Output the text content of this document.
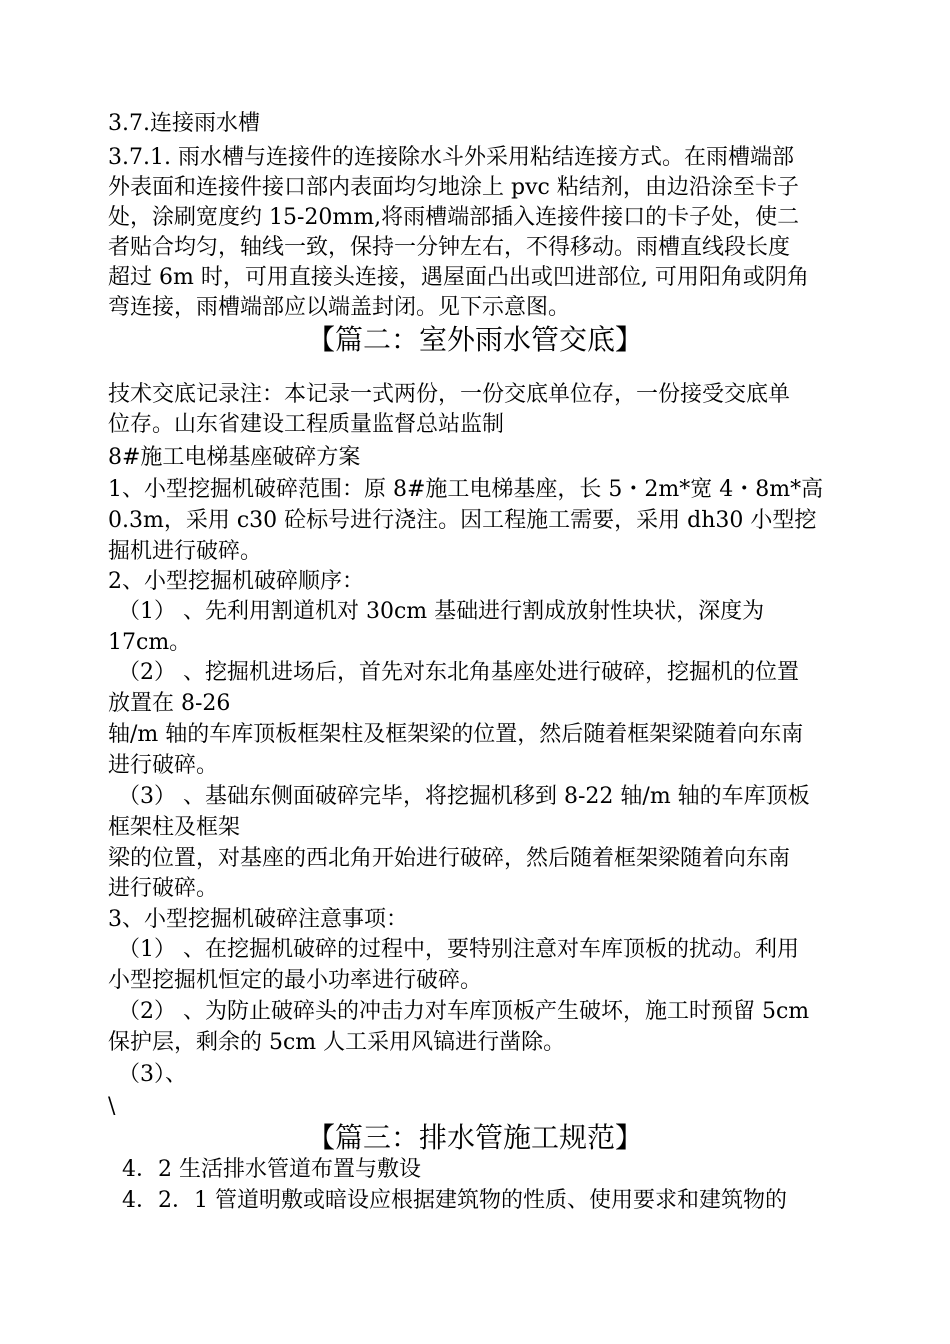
3.7.连接雨水槽
3.7.1. 雨水槽与连接件的连接除水斗外采用粘结连接方式。在雨槽端部
外表面和连接件接口部内表面均匀地涂上 pvc 粘结剂，由边沿涂至卡子
处，涂刷宽度约 15-20mm,将雨槽端部插入连接件接口的卡子处，使二
者贴合均匀，轴线一致，保持一分钟左右，不得移动。雨槽直线段长度
超过 6m 时，可用直接头连接，遇屋面凸出或凹进部位, 可用阳角或阴角
弯连接，雨槽端部应以端盖封闭。见下示意图。
【篇二：室外雨水管交底】
技术交底记录注：本记录一式两份，一份交底单位存，一份接受交底单
位存。山东省建设工程质量监督总站监制
8#施工电梯基座破碎方案
1、小型挖掘机破碎范围：原 8#施工电梯基座，长 5・2m*宽 4・8m*高
0.3m，采用 c30 砼标号进行浇注。因工程施工需要，采用 dh30 小型挖
掘机进行破碎。
2、小型挖掘机破碎顺序：
（1） 、先利用割道机对 30cm 基础进行割成放射性块状，深度为
17cm。
（2） 、挖掘机进场后，首先对东北角基座处进行破碎，挖掘机的位置
放置在 8-26
轴/m 轴的车库顶板框架柱及框架梁的位置，然后随着框架梁随着向东南
进行破碎。
（3） 、基础东侧面破碎完毕，将挖掘机移到 8-22 轴/m 轴的车库顶板
框架柱及框架
梁的位置，对基座的西北角开始进行破碎，然后随着框架梁随着向东南
进行破碎。
3、小型挖掘机破碎注意事项：
（1） 、在挖掘机破碎的过程中，要特别注意对车库顶板的扰动。利用
小型挖掘机恒定的最小功率进行破碎。
（2） 、为防止破碎头的冲击力对车库顶板产生破坏，施工时预留 5cm
保护层，剩余的 5cm 人工采用风镐进行凿除。
（3）、
\
【篇三：排水管施工规范】
4．2 生活排水管道布置与敷设
4．2．1 管道明敷或暗设应根据建筑物的性质、使用要求和建筑物的
